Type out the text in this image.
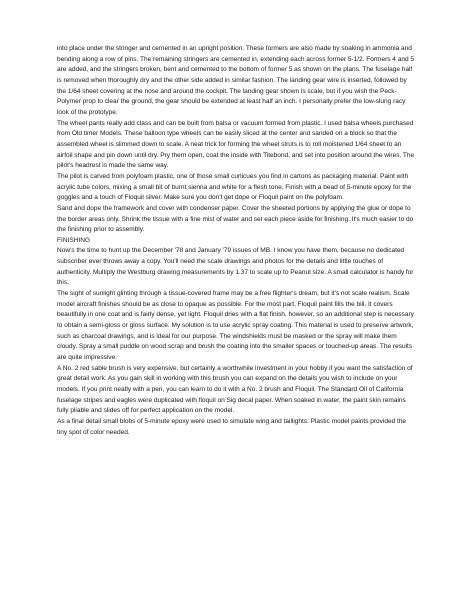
into place under the stringer and cemented in an upright position. These formers are also made by soaking in ammonia and bending along a row of pins. The remaining stringers are cemented in, extending each across former 5-1/2. Formers 4 and 5 are added, and the stringers broken, bent and cemented to the bottom of former 5 as shown on the plans. The fuselage half is removed when thoroughly dry and the other side added in similar fashion. The landing gear wire is inserted, followed by the 1/64 sheet covering at the nose and around the cockpit. The landing gear shown is scale, but if you wish the Peck-Polymer prop to clear the ground, the gear should be extended at least half an inch. I personally prefer the low-slung racy look of the prototype.

The wheel pants really add class and can be built from balsa or vacuum formed from plastic. I used balsa wheels purchased from Old timer Models. These balloon type wheels can be easily sliced at the center and sanded on a block so that the assembled wheel is slimmed down to scale. A neat trick for forming the wheel struts is to roll moistened 1/64 sheet to an airfoil shape and pin down until dry. Pry them open, coat the inside with Titebond, and set into position around the wires. The pilot's headrest is made the same way.

The pilot is carved from polyfoam plastic, one of those small curlicues you find in cartons as packaging material. Paint with acrylic tube colors, mixing a small bit of burnt sienna and white for a flesh tone. Finish with a bead of 5-minute epoxy for the goggles and a touch of Floquil silver. Make sure you don't get dope or Floquil paint on the polyfoam.

Sand and dope the framework and cover with condenser paper. Cover the sheeted portions by applying the glue or dope to the border areas only. Shrink the tissue with a fine mist of water and set each piece aside for finishing. It's much easier to do the finishing prior to assembly.

FINISHING

Now's the time to hunt up the December '78 and January '79 issues of MB. I know you have them, because no dedicated subscriber ever throws away a copy. You'll need the scale drawings and photos for the details and little touches of authenticity. Multiply the Westburg drawing measurements by 1.37 to scale up to Peanut size. A small calculator is handy for this.

The sight of sunlight glinting through a tissue-covered frame may be a free flighter's dream, but it's not scale realism. Scale model aircraft finishes should be as close to opaque as possible. For the most part, Floquil paint fills the bill. It covers beautifully in one coat and is fairly dense, yet light. Floquil dries with a flat finish, however, so an additional step is necessary to obtain a semi-gloss or gloss surface. My solution is to use acrylic spray coating. This material is used to preserve artwork, such as charcoal drawings, and is ideal for our purpose. The windshields must be masked or the spray will make them cloudy. Spray a small puddle on wood scrap and brush the coating into the smaller spaces or touched-up areas. The results are quite impressive.

A No. 2 red sable brush is very expensive, but certainly a worthwhile investment in your hobby if you want the satisfaction of great detail work. As you gain skill in working with this brush you can expand on the details you wish to include on your models. If you print neatly with a pen, you can learn to do it with a No. 2 brush and Floquil. The Standard Oil of California fuselage stripes and eagles were duplicated with floquil on Sig decal paper. When soaked in water, the paint skin remains fully pliable and slides off for perfect application on the model.

As a final detail small blobs of 5-minute epoxy were used to simulate wing and taillights. Plastic model paints provided the tiny spot of color needed.
